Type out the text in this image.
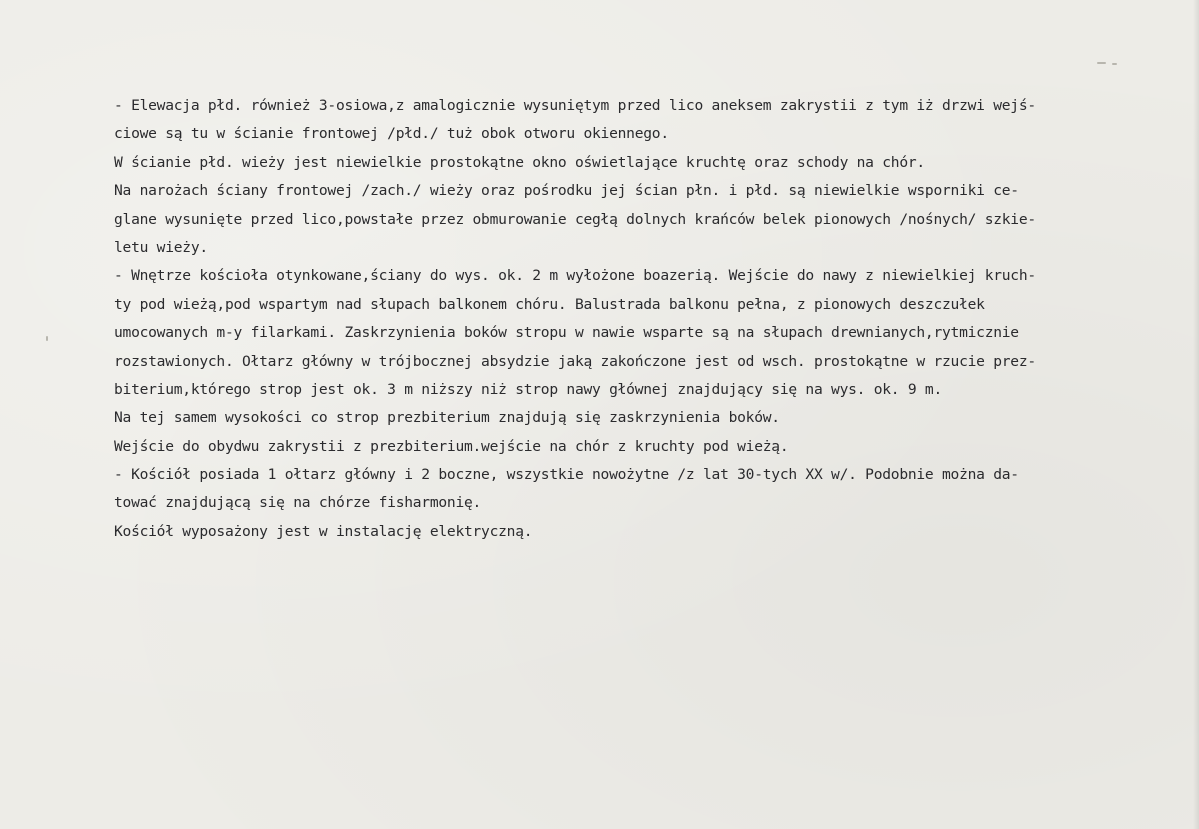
- Elewacja płd. również 3-osiowa,z amalogicznie wysuniętym przed lico aneksem zakrystii z tym iż drzwi wejś-
ciowe są tu w ścianie frontowej /płd./ tuż obok otworu okiennego.
W ścianie płd. wieży jest niewielkie prostokątne okno oświetlające kruchtę oraz schody na chór.
Na narożach ściany frontowej /zach./ wieży oraz pośrodku jej ścian płn. i płd. są niewielkie wsporniki ce-
glane wysunięte przed lico,powstałe przez obmurowanie cegłą dolnych krańców belek pionowych /nośnych/ szkie-
letu wieży.
- Wnętrze kościoła otynkowane,ściany do wys. ok. 2 m wyłożone boazerią. Wejście do nawy z niewielkiej kruch-
ty pod wieżą,pod wspartym nad słupach balkonem chóru. Balustrada balkonu pełna, z pionowych deszczułek
umocowanych m-y filarkami. Zaskrzynienia boków stropu w nawie wsparte są na słupach drewnianych,rytmicznie
rozstawionych. Ołtarz główny w trójbocznej absydzie jaką zakończone jest od wsch. prostokątne w rzucie prez-
biterium,którego strop jest ok. 3 m niższy niż strop nawy głównej znajdujący się na wys. ok. 9 m.
Na tej samem wysokości co strop prezbiterium znajdują się zaskrzynienia boków.
Wejście do obydwu zakrystii z prezbiterium.wejście na chór z kruchty pod wieżą.
- Kościół posiada 1 ołtarz główny i 2 boczne, wszystkie nowożytne /z lat 30-tych XX w/. Podobnie można da-
tować znajdującą się na chórze fisharmonię.
Kościół wyposażony jest w instalację elektryczną.
